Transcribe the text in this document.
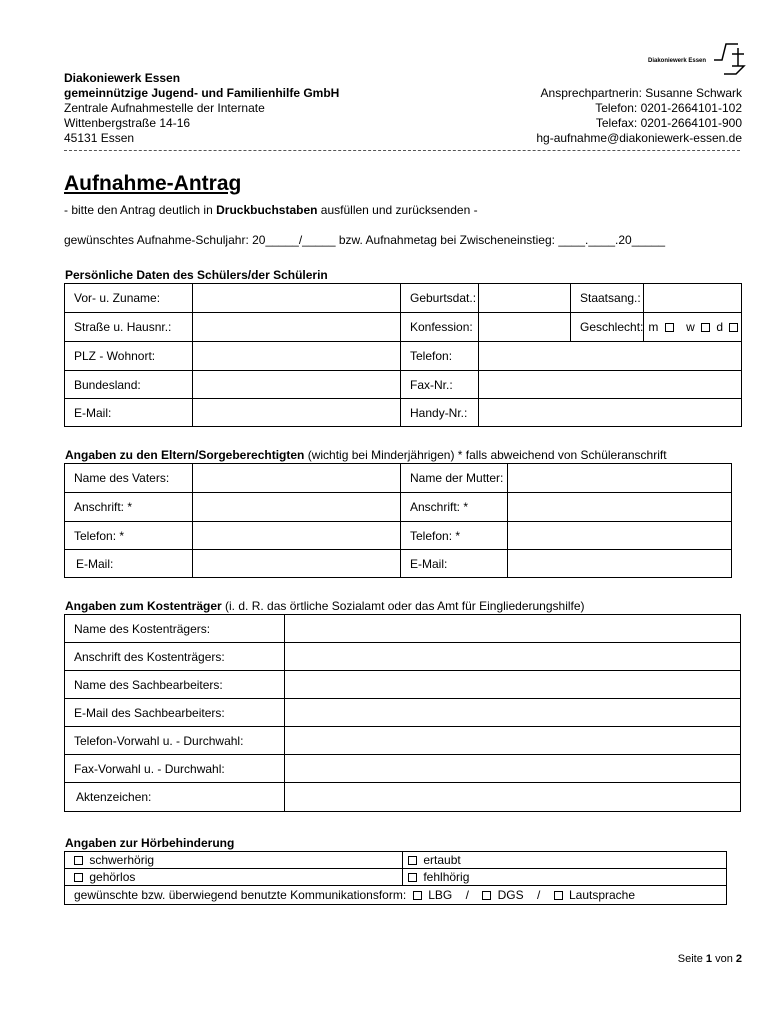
Diakoniewerk Essen
Diakoniewerk Essen
gemeinnützige Jugend- und Familienhilfe GmbH
Zentrale Aufnahmestelle der Internate
Wittenbergstraße 14-16
45131 Essen
Ansprechpartnerin: Susanne Schwark
Telefon: 0201-2664101-102
Telefax: 0201-2664101-900
hg-aufnahme@diakoniewerk-essen.de
Aufnahme-Antrag
- bitte den Antrag deutlich in Druckbuchstaben ausfüllen und zurücksenden -
gewünschtes Aufnahme-Schuljahr: 20_____/_____ bzw. Aufnahmetag bei Zwischeneinstieg: ____.____.20_____
Persönliche Daten des Schülers/der Schülerin
Vor- u. Zuname:		Geburtsdat.:		Staatsang.:	
Straße u. Hausnr.:		Konfession:		Geschlecht:	m w d
PLZ - Wohnort:		Telefon:			
Bundesland:		Fax-Nr.:			
E-Mail:		Handy-Nr.:			
Angaben zu den Eltern/Sorgeberechtigten (wichtig bei Minderjährigen) * falls abweichend von Schüleranschrift
Name des Vaters:		Name der Mutter:	
Anschrift: *		Anschrift: *	
Telefon: *		Telefon: *	
E-Mail:		E-Mail:	
Angaben zum Kostenträger (i. d. R. das örtliche Sozialamt oder das Amt für Eingliederungshilfe)
Name des Kostenträgers:	
Anschrift des Kostenträgers:	
Name des Sachbearbeiters:	
E-Mail des Sachbearbeiters:	
Telefon-Vorwahl u. - Durchwahl:	
Fax-Vorwahl u. - Durchwahl:	
Aktenzeichen:	
Angaben zur Hörbehinderung
schwerhörig	ertaubt
gehörlos	fehlhörig
gewünschte bzw. überwiegend benutzte Kommunikationsform: LBG / DGS / Lautsprache	
Seite 1 von 2
